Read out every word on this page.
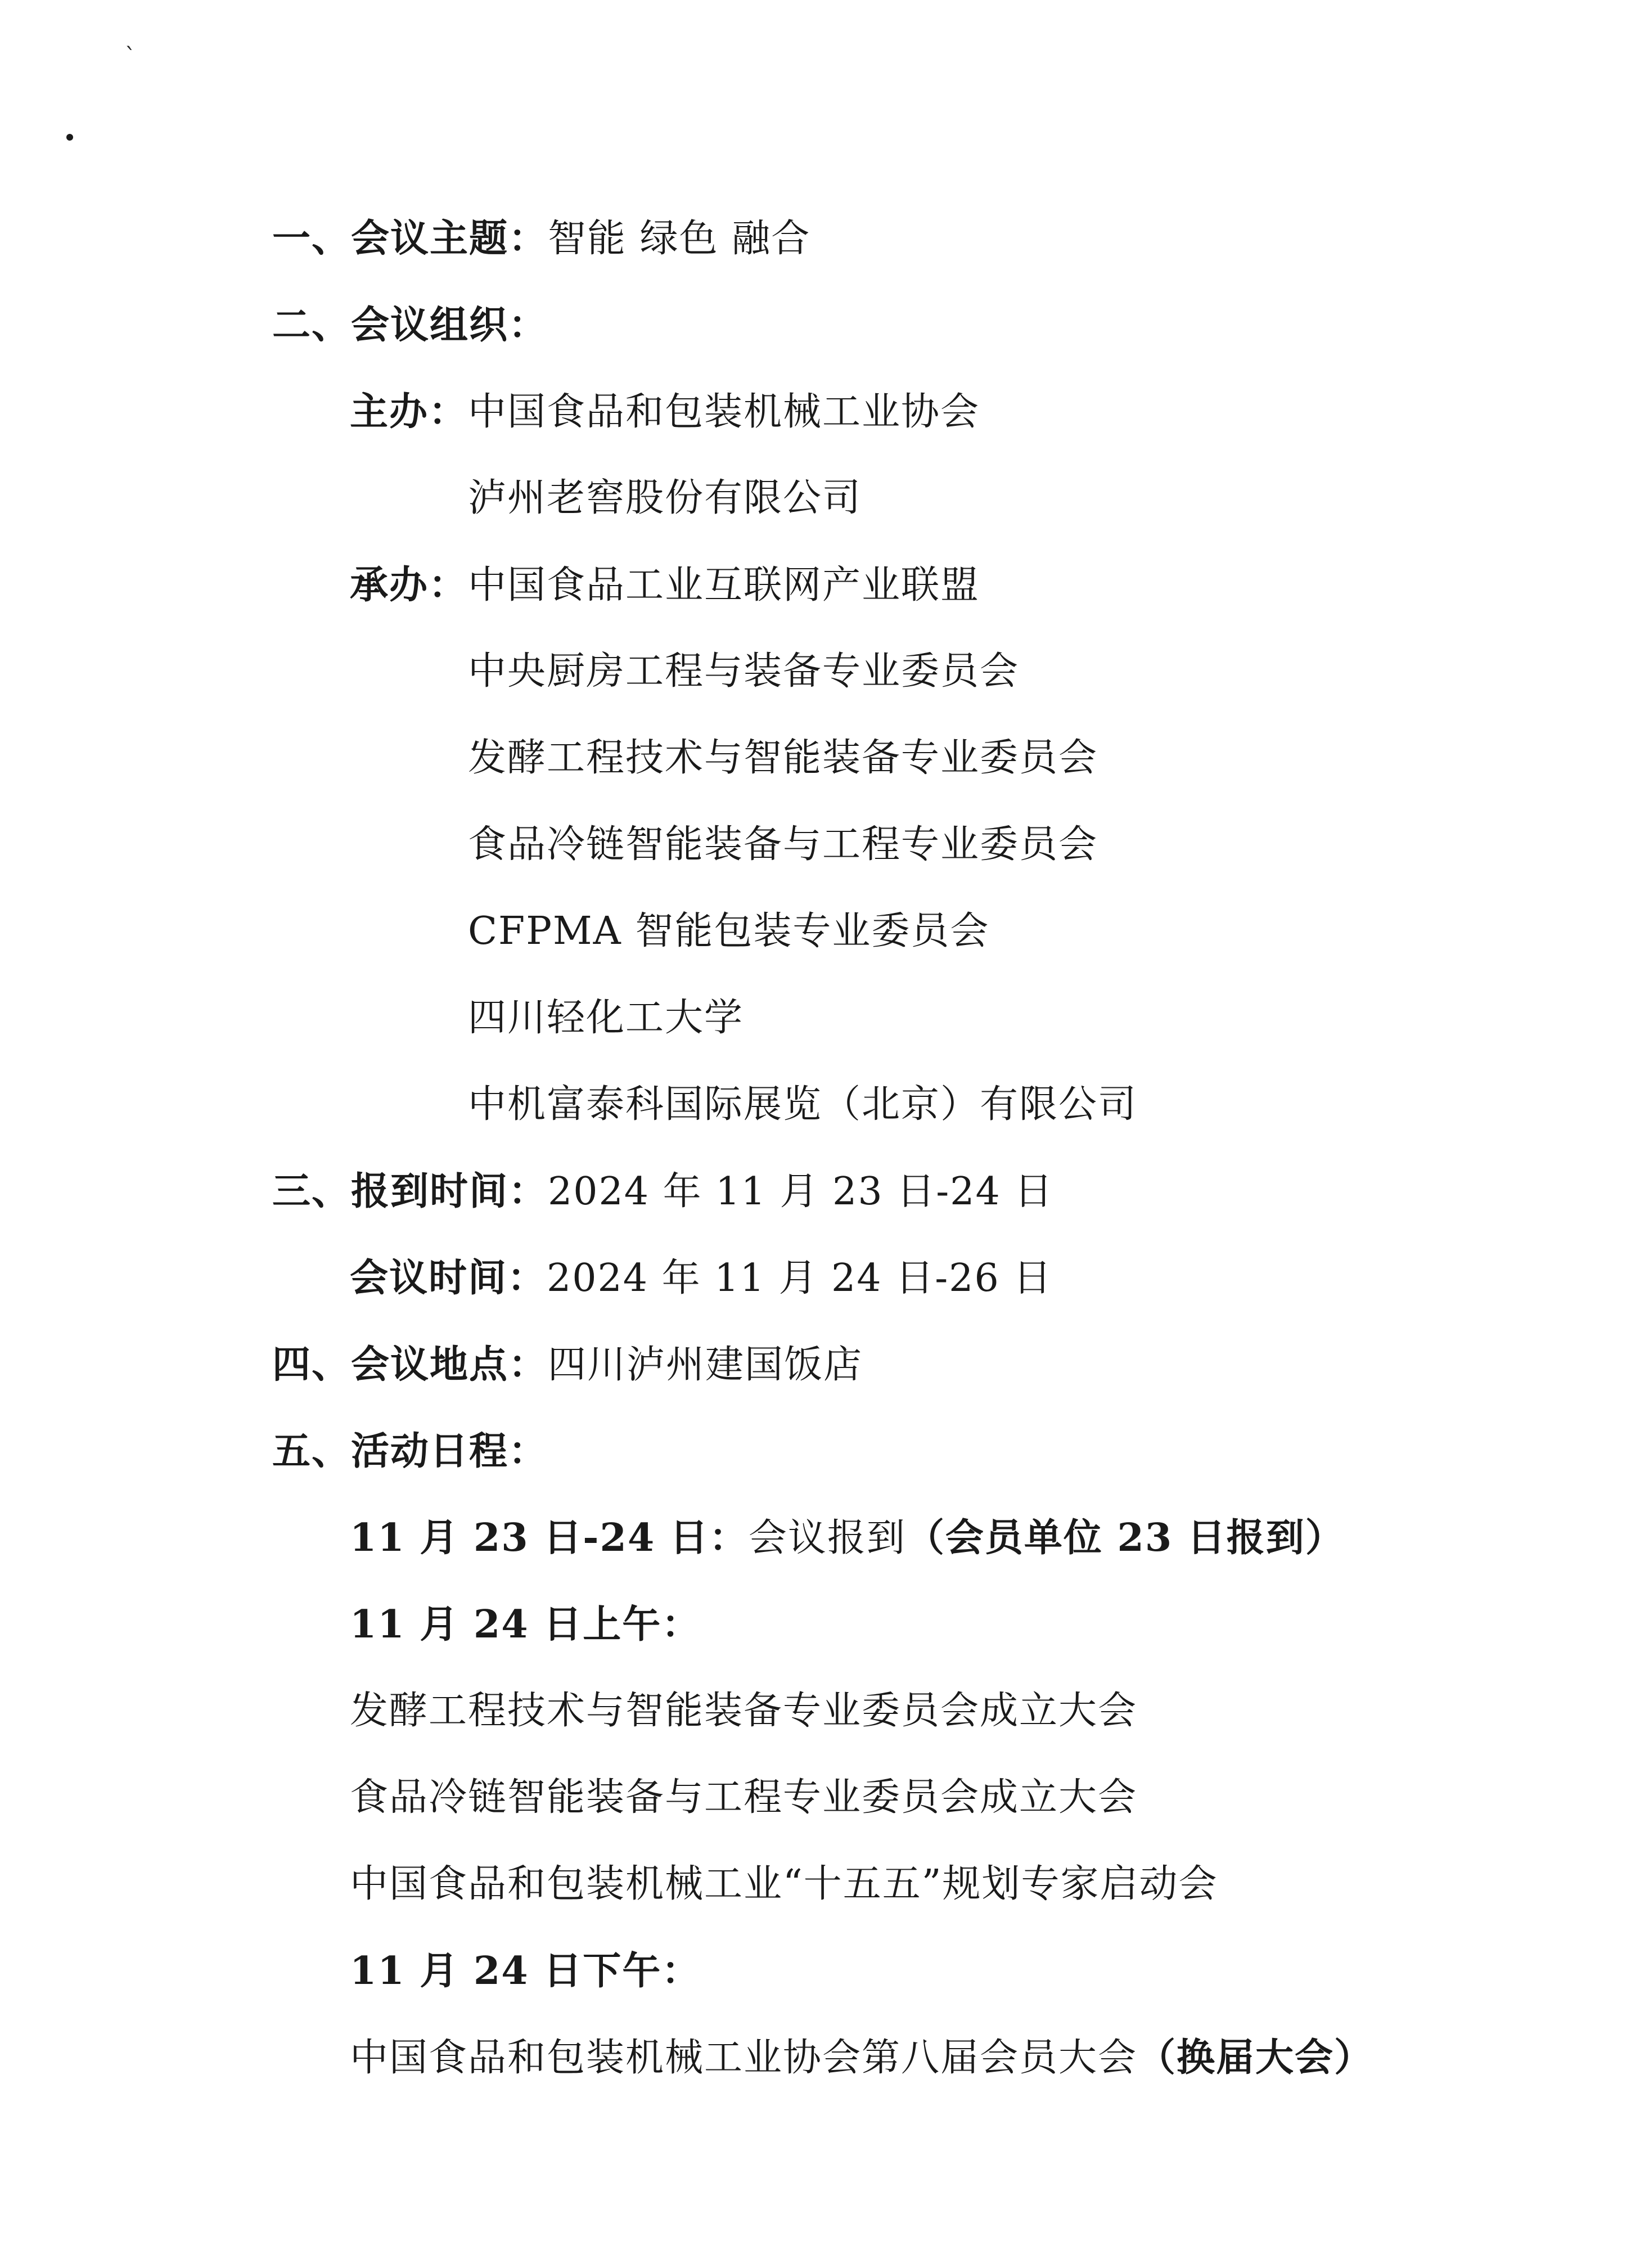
ˋ
一、会议主题：智能 绿色 融合
二、会议组织：
主办：中国食品和包装机械工业协会
泸州老窖股份有限公司
承办：中国食品工业互联网产业联盟
中央厨房工程与装备专业委员会
发酵工程技术与智能装备专业委员会
食品冷链智能装备与工程专业委员会
CFPMA 智能包装专业委员会
四川轻化工大学
中机富泰科国际展览（北京）有限公司
三、报到时间：2024 年 11 月 23 日-24 日
会议时间：2024 年 11 月 24 日-26 日
四、会议地点：四川泸州建国饭店
五、活动日程：
11 月 23 日-24 日：会议报到（会员单位 23 日报到）
11 月 24 日上午：
发酵工程技术与智能装备专业委员会成立大会
食品冷链智能装备与工程专业委员会成立大会
中国食品和包装机械工业“十五五”规划专家启动会
11 月 24 日下午：
中国食品和包装机械工业协会第八届会员大会（换届大会）
